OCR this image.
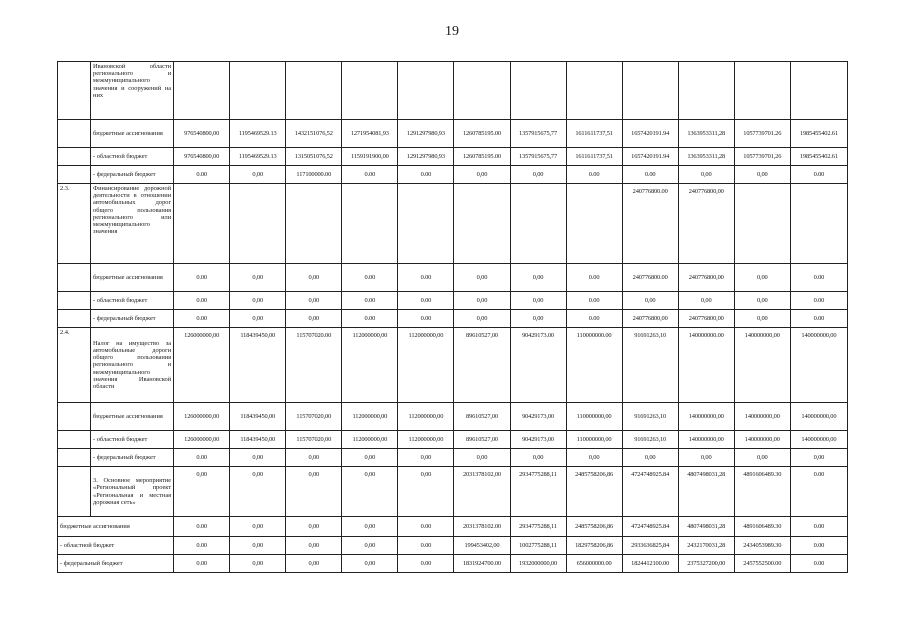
19
	Ивановской области регионального и межмуниципального значения и сооружений на них												
	бюджетные ассигнования	976540800,00	1195469529.13	1432151076,52	1271954081,93	1291297980,93	1260785195.00	1357915675,77	1611611737,51	1657420191.94	1363953311,28	1057739701.26	1985455402.61
	- областной бюджет	976540800,00	1195469529.13	1315051076,52	1159191900,00	1291297980,93	1260785195.00	1357915675,77	1611611737,51	1657420191.94	1363953311,28	1057739701,26	1985455402.61
	- федеральный бюджет	0.00	0,00	117100000.00	0.00	0.00	0,00	0,00	0.00	0.00	0,00	0,00	0.00
2.3.	Финансирование дорожной деятельности в отношении автомобильных дорог общего пользования регионального или межмуниципального значения									240776800.00	240776800,00		
	бюджетные ассигнования	0.00	0,00	0,00	0.00	0.00	0,00	0,00	0.00	240776800.00	240776800,00	0,00	0.00
	- областной бюджет	0.00	0,00	0,00	0.00	0.00	0,00	0,00	0.00	0,00	0,00	0,00	0.00
	- федеральный бюджет	0.00	0,00	0,00	0.00	0.00	0,00	0,00	0.00	240776800,00	240776800,00	0,00	0.00
2.4.	Налог на имущество за автомобильные дороги общего пользования регионального и межмуниципального значения Ивановской области	126000000,00	118439450,00	115707020.00	112000000,00	112000000,00	89610527,00	90429173.00	110000000.00	91691263,10	140000000.00	140000000,00	140000000,00
	бюджетные ассигнования	126000000,00	118439450,00	115707020,00	112000000,00	112000000,00	89610527,00	90429173,00	110000000,00	91691263,10	140000000,00	140000000,00	140000000,00
	- областной бюджет	126000000,00	118439450,00	115707020,00	112000000,00	112000000,00	89610527,00	90429173,00	110000000,00	91691263,10	140000000,00	140000000,00	140000000,00
	- федеральный бюджет	0.00	0,00	0,00	0,00	0,00	0,00	0,00	0,00	0,00	0,00	0,00	0,00
	3. Основное мероприятие «Региональный проект «Региональная и местная дорожная сеть»	0,00	0,00	0,00	0,00	0,00	2031378102,00	2934775288,11	2485758206,86	4724748925.84	4807498031,28	4891606489.30	0.00
бюджетные ассигнования		0.00	0,00	0,00	0,00	0.00	2031378102.00	2934775288,11	2485758206,86	4724748925.84	4807498031,28	4891606489.30	0.00
- областной бюджет		0.00	0,00	0,00	0,00	0.00	199453402,00	1002775288,11	1829758206,86	2933636825,84	2432170031,28	2434053989.30	0.00
- федеральный бюджет		0.00	0,00	0,00	0,00	0.00	1831924700.00	1932000000,00	656000000.00	1824412100.00	2375327200,00	2457552500.00	0.00
